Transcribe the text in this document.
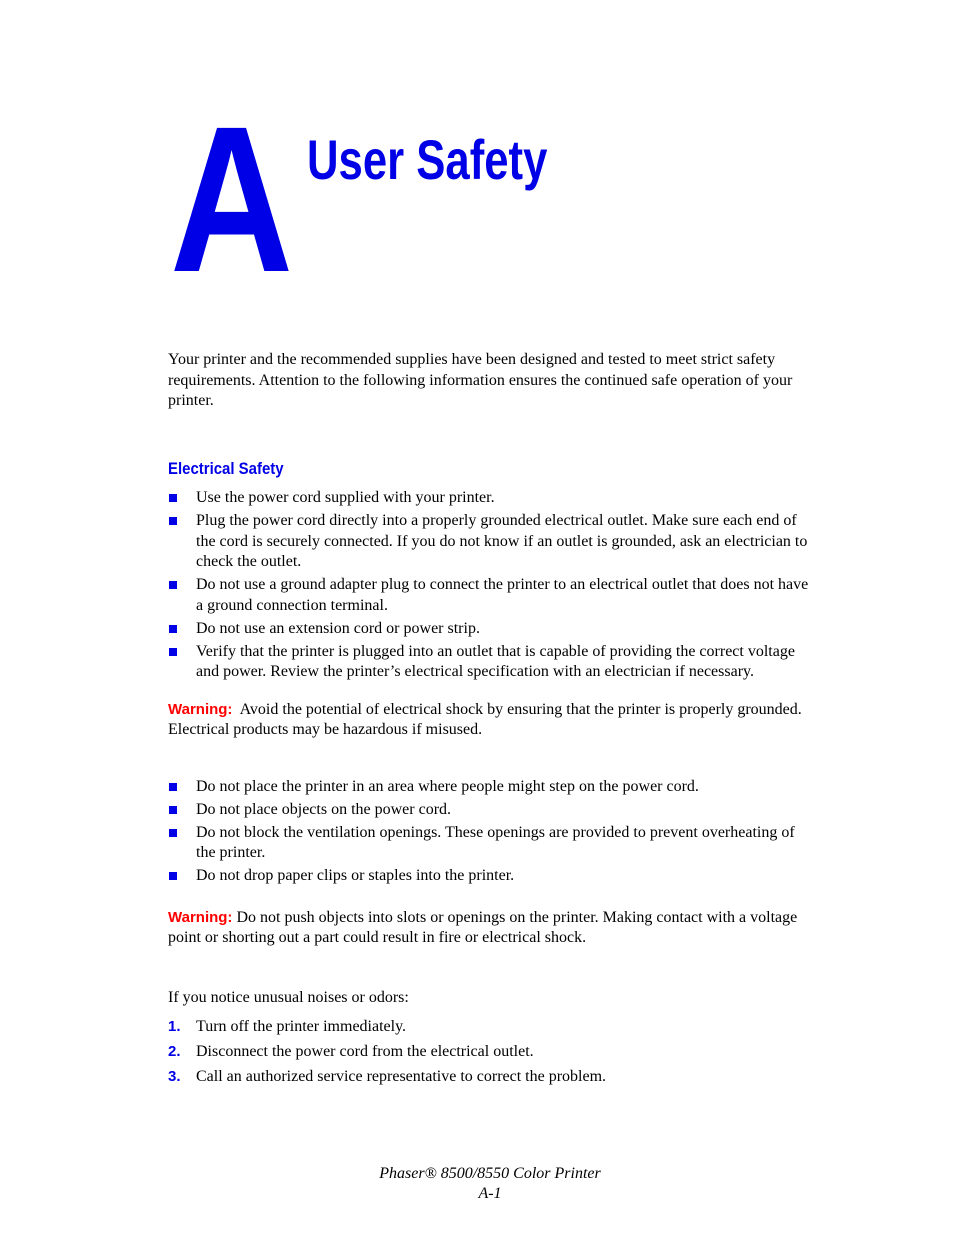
A User Safety

Your printer and the recommended supplies have been designed and tested to meet strict safety requirements. Attention to the following information ensures the continued safe operation of your printer.

Electrical Safety
Use the power cord supplied with your printer.
Plug the power cord directly into a properly grounded electrical outlet. Make sure each end of the cord is securely connected. If you do not know if an outlet is grounded, ask an electrician to check the outlet.
Do not use a ground adapter plug to connect the printer to an electrical outlet that does not have a ground connection terminal.
Do not use an extension cord or power strip.
Verify that the printer is plugged into an outlet that is capable of providing the correct voltage and power. Review the printer’s electrical specification with an electrician if necessary.

Warning: Avoid the potential of electrical shock by ensuring that the printer is properly grounded. Electrical products may be hazardous if misused.

Do not place the printer in an area where people might step on the power cord.
Do not place objects on the power cord.
Do not block the ventilation openings. These openings are provided to prevent overheating of the printer.
Do not drop paper clips or staples into the printer.

Warning: Do not push objects into slots or openings on the printer. Making contact with a voltage point or shorting out a part could result in fire or electrical shock.

If you notice unusual noises or odors:

1. Turn off the printer immediately.
2. Disconnect the power cord from the electrical outlet.
3. Call an authorized service representative to correct the problem.
Phaser® 8500/8550 Color Printer
A-1
